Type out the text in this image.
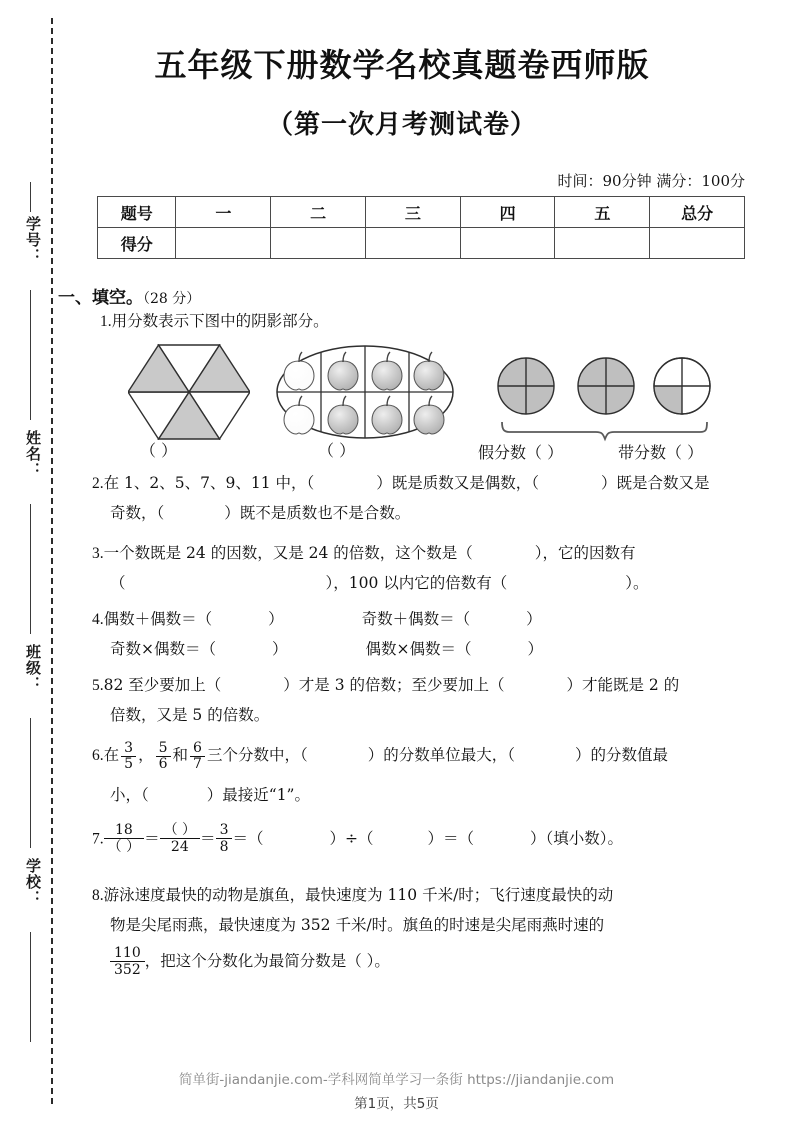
学号：
姓名：
班级：
学校：
五年级下册数学名校真题卷西师版
（第一次月考测试卷）
时间：90分钟 满分：100分
题号	一	二	三	四	五	总分
得分						
一、填空。（28 分）
1.用分数表示下图中的阴影部分。
（ ）	（ ）	假分数（ ）	带分数（ ）
2.在 1、2、5、7、9、11 中，（	）既是质数又是偶数，（	）既是合数又是
奇数，（	）既不是质数也不是合数。
3.一个数既是 24 的因数，又是 24 的倍数，这个数是（	），它的因数有
（	），100 以内它的倍数有（	）。
4.偶数＋偶数＝（	）	奇数＋偶数＝（	）
奇数×偶数＝（	）	偶数×偶数＝（	）
5.82 至少要加上（	）才是 3 的倍数；至少要加上（	）才能既是 2 的
倍数，又是 5 的倍数。
6.在 $\frac{3}{5}$ ， $\frac{5}{6}$ 和 $\frac{6}{7}$ 三个分数中，（	）的分数单位最大，（	）的分数值最
小，（	）最接近“1”。
7.
18
（ ） ＝ （ ）
$24 = \frac{3}{8}$ ＝（	）÷（	）＝（	）（填小数）。
8.游泳速度最快的动物是旗鱼，最快速度为 110 千米/时；飞行速度最快的动
物是尖尾雨燕，最快速度为 352 千米/时。旗鱼的时速是尖尾雨燕时速的
$\frac{110}{352}$ ，把这个分数化为最简分数是（ ）。
简单街-jiandanjie.com-学科网简单学习一条街 https://jiandanjie.com
第1页，共5页
